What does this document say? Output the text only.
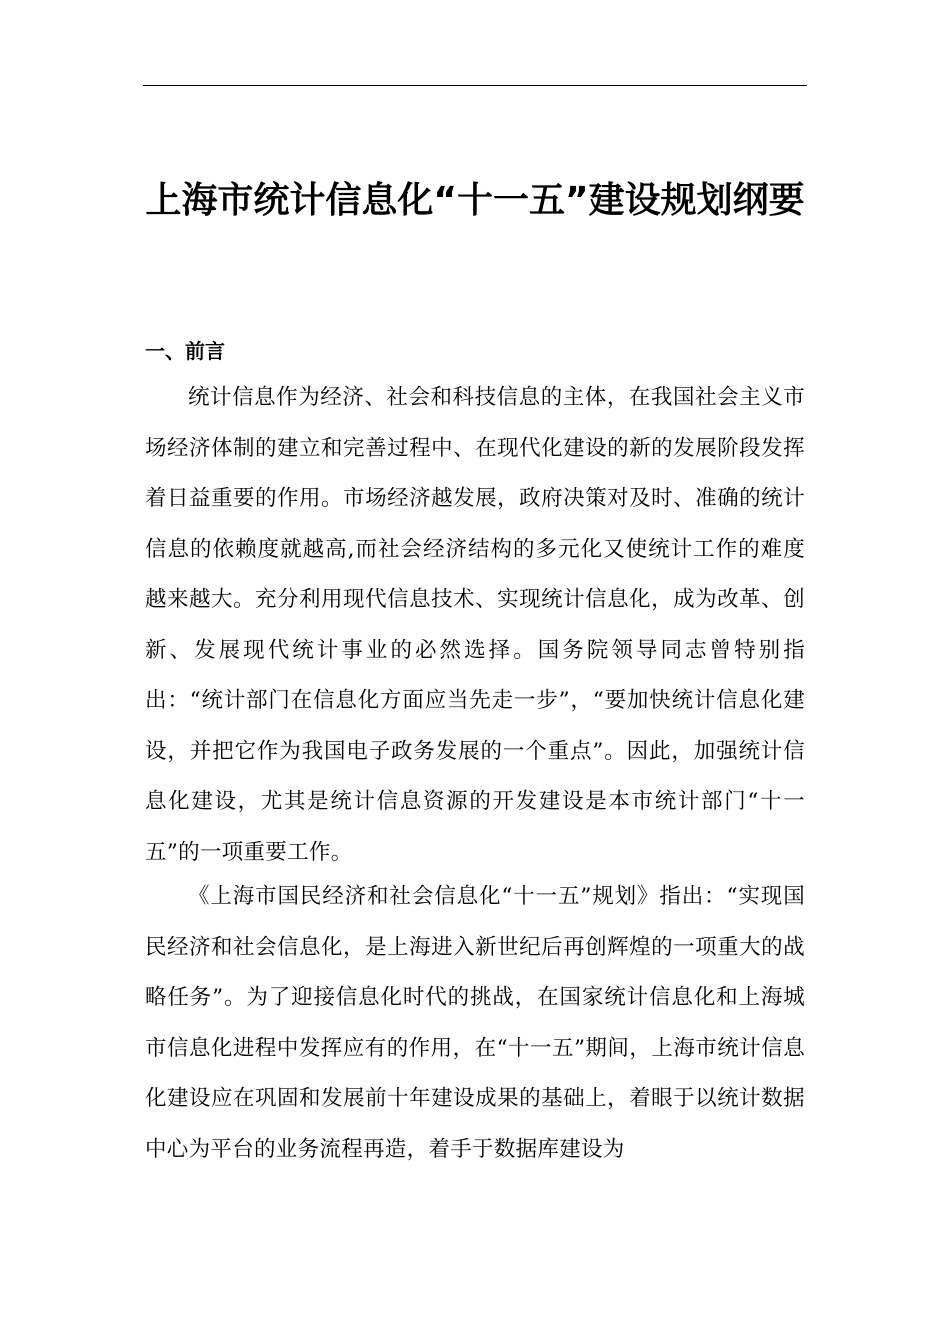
上海市统计信息化“十一五”建设规划纲要
一、前言

统计信息作为经济、社会和科技信息的主体，在我国社会主义市场经济体制的建立和完善过程中、在现代化建设的新的发展阶段发挥着日益重要的作用。市场经济越发展，政府决策对及时、准确的统计信息的依赖度就越高,而社会经济结构的多元化又使统计工作的难度越来越大。充分利用现代信息技术、实现统计信息化，成为改革、创新、发展现代统计事业的必然选择。国务院领导同志曾特别指出：“统计部门在信息化方面应当先走一步”，“要加快统计信息化建设，并把它作为我国电子政务发展的一个重点”。因此，加强统计信息化建设，尤其是统计信息资源的开发建设是本市统计部门“十一五”的一项重要工作。

《上海市国民经济和社会信息化“十一五”规划》指出：“实现国民经济和社会信息化，是上海进入新世纪后再创辉煌的一项重大的战略任务”。为了迎接信息化时代的挑战，在国家统计信息化和上海城市信息化进程中发挥应有的作用，在“十一五”期间，上海市统计信息化建设应在巩固和发展前十年建设成果的基础上，着眼于以统计数据中心为平台的业务流程再造，着手于数据库建设为
